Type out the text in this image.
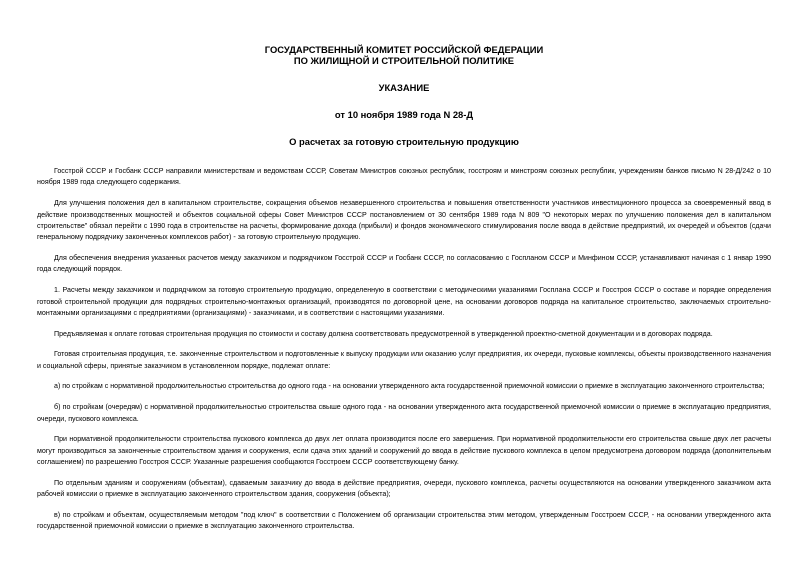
ГОСУДАРСТВЕННЫЙ КОМИТЕТ РОССИЙСКОЙ ФЕДЕРАЦИИ
ПО ЖИЛИЩНОЙ И СТРОИТЕЛЬНОЙ ПОЛИТИКЕ
УКАЗАНИЕ
от 10 ноября 1989 года N 28-Д
О расчетах за готовую строительную продукцию

Госстрой СССР и Госбанк СССР направили министерствам и ведомствам СССР, Советам Министров союзных республик, госстроям и минстроям союзных республик, учреждениям банков письмо N 28-Д/242 о 10 ноября 1989 года следующего содержания.

Для улучшения положения дел в капитальном строительстве, сокращения объемов незавершенного строительства и повышения ответственности участников инвестиционного процесса за своевременный ввод в действие производственных мощностей и объектов социальной сферы Совет Министров СССР постановлением от 30 сентября 1989 года N 809 "О некоторых мерах по улучшению положения дел в капитальном строительстве" обязал перейти с 1990 года в строительстве на расчеты, формирование дохода (прибыли) и фондов экономического стимулирования после ввода в действие предприятий, их очередей и объектов (сдачи генеральному подрядчику законченных комплексов работ) - за готовую строительную продукцию.

Для обеспечения внедрения указанных расчетов между заказчиком и подрядчиком Госстрой СССР и Госбанк СССР, по согласованию с Госпланом СССР и Минфином СССР, устанавливают начиная с 1 январ 1990 года следующий порядок.

1. Расчеты между заказчиком и подрядчиком за готовую строительную продукцию, определенную в соответствии с методическими указаниями Госплана СССР и Госстроя СССР о составе и порядке определения готовой строительной продукции для подрядных строительно-монтажных организаций, производятся по договорной цене, на основании договоров подряда на капитальное строительство, заключаемых строительно-монтажными организациями с предприятиями (организациями) - заказчиками, и в соответствии с настоящими указаниями.

Предъявляемая к оплате готовая строительная продукция по стоимости и составу должна соответствовать предусмотренной в утвержденной проектно-сметной документации и в договорах подряда.

Готовая строительная продукция, т.е. законченные строительством и подготовленные к выпуску продукции или оказанию услуг предприятия, их очереди, пусковые комплексы, объекты производственного назначения и социальной сферы, принятые заказчиком в установленном порядке, подлежат оплате:

а) по стройкам с нормативной продолжительностью строительства до одного года - на основании утвержденного акта государственной приемочной комиссии о приемке в эксплуатацию законченного строительства;

б) по стройкам (очередям) с нормативной продолжительностью строительства свыше одного года - на основании утвержденного акта государственной приемочной комиссии о приемке в эксплуатацию предприятия, очереди, пускового комплекса.

При нормативной продолжительности строительства пускового комплекса до двух лет оплата производится после его завершения. При нормативной продолжительности его строительства свыше двух лет расчеты могут производиться за законченные строительством здания и сооружения, если сдача этих зданий и сооружений до ввода в действие пускового комплекса в целом предусмотрена договором подряда (дополнительным соглашением) по разрешению Госстроя СССР. Указанные разрешения сообщаются Госстроем СССР соответствующему банку.

По отдельным зданиям и сооружениям (объектам), сдаваемым заказчику до ввода в действие предприятия, очереди, пускового комплекса, расчеты осуществляются на основании утвержденного заказчиком акта рабочей комиссии о приемке в эксплуатацию законченного строительством здания, сооружения (объекта);

в) по стройкам и объектам, осуществляемым методом "под ключ" в соответствии с Положением об организации строительства этим методом, утвержденным Госстроем СССР, - на основании утвержденного акта государственной приемочной комиссии о приемке в эксплуатацию законченного строительства.
